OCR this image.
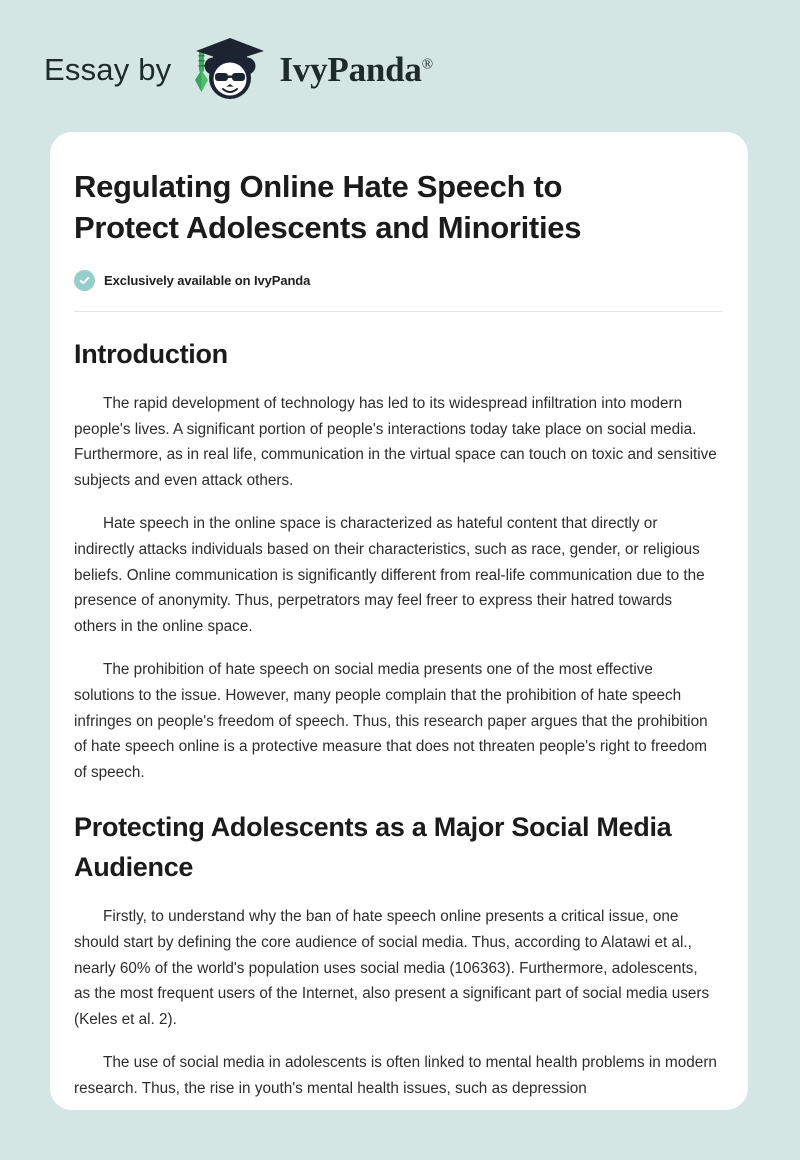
Essay by	IvyPanda®
Regulating Online Hate Speech to Protect Adolescents and Minorities
Exclusively available on IvyPanda
Introduction

The rapid development of technology has led to its widespread infiltration into modern people's lives. A significant portion of people's interactions today take place on social media. Furthermore, as in real life, communication in the virtual space can touch on toxic and sensitive subjects and even attack others.

Hate speech in the online space is characterized as hateful content that directly or indirectly attacks individuals based on their characteristics, such as race, gender, or religious beliefs. Online communication is significantly different from real-life communication due to the presence of anonymity. Thus, perpetrators may feel freer to express their hatred towards others in the online space.

The prohibition of hate speech on social media presents one of the most effective solutions to the issue. However, many people complain that the prohibition of hate speech infringes on people's freedom of speech. Thus, this research paper argues that the prohibition of hate speech online is a protective measure that does not threaten people's right to freedom of speech.

Protecting Adolescents as a Major Social Media Audience

Firstly, to understand why the ban of hate speech online presents a critical issue, one should start by defining the core audience of social media. Thus, according to Alatawi et al., nearly 60% of the world's population uses social media (106363). Furthermore, adolescents, as the most frequent users of the Internet, also present a significant part of social media users (Keles et al. 2).

The use of social media in adolescents is often linked to mental health problems in modern research. Thus, the rise in youth's mental health issues, such as depression
